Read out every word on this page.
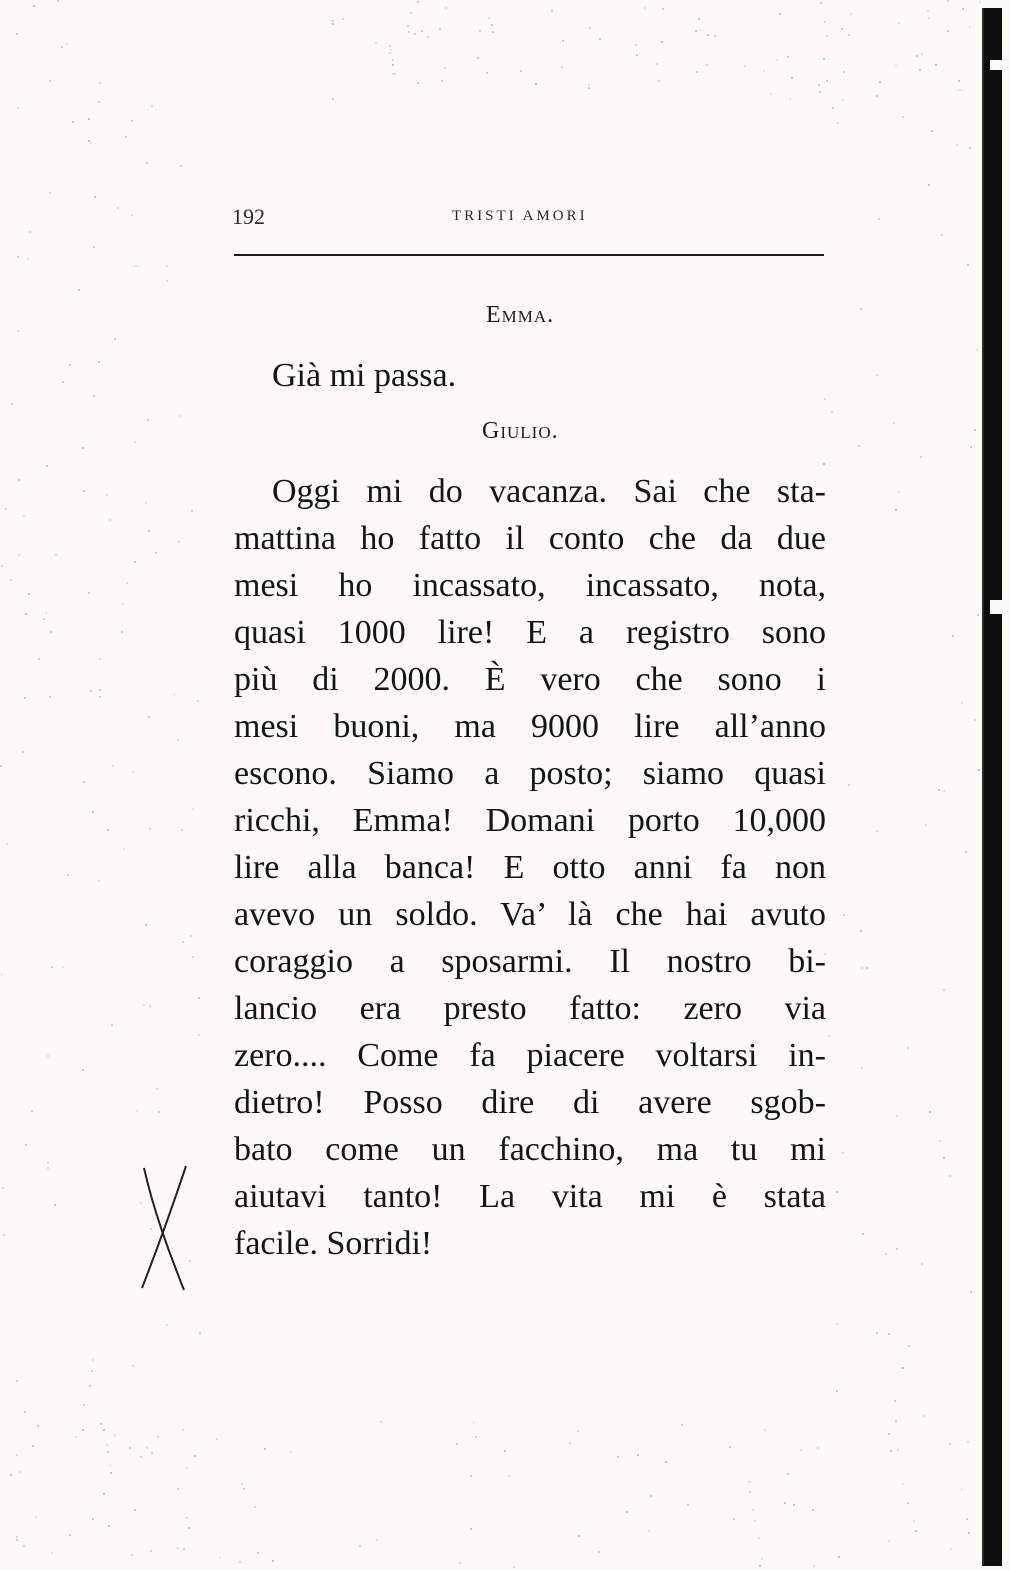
192	TRISTI AMORI
Emma.
Già mi passa.
Giulio.
Oggi mi do vacanza. Sai che sta-
mattina ho fatto il conto che da due
mesi ho incassato, incassato, nota,
quasi 1000 lire! E a registro sono
più di 2000. È vero che sono i
mesi buoni, ma 9000 lire all’anno
escono. Siamo a posto; siamo quasi
ricchi, Emma! Domani porto 10,000
lire alla banca! E otto anni fa non
avevo un soldo. Va’ là che hai avuto
coraggio a sposarmi. Il nostro bi-
lancio era presto fatto: zero via
zero.... Come fa piacere voltarsi in-
dietro! Posso dire di avere sgob-
bato come un facchino, ma tu mi
aiutavi tanto! La vita mi è stata
facile. Sorridi!
